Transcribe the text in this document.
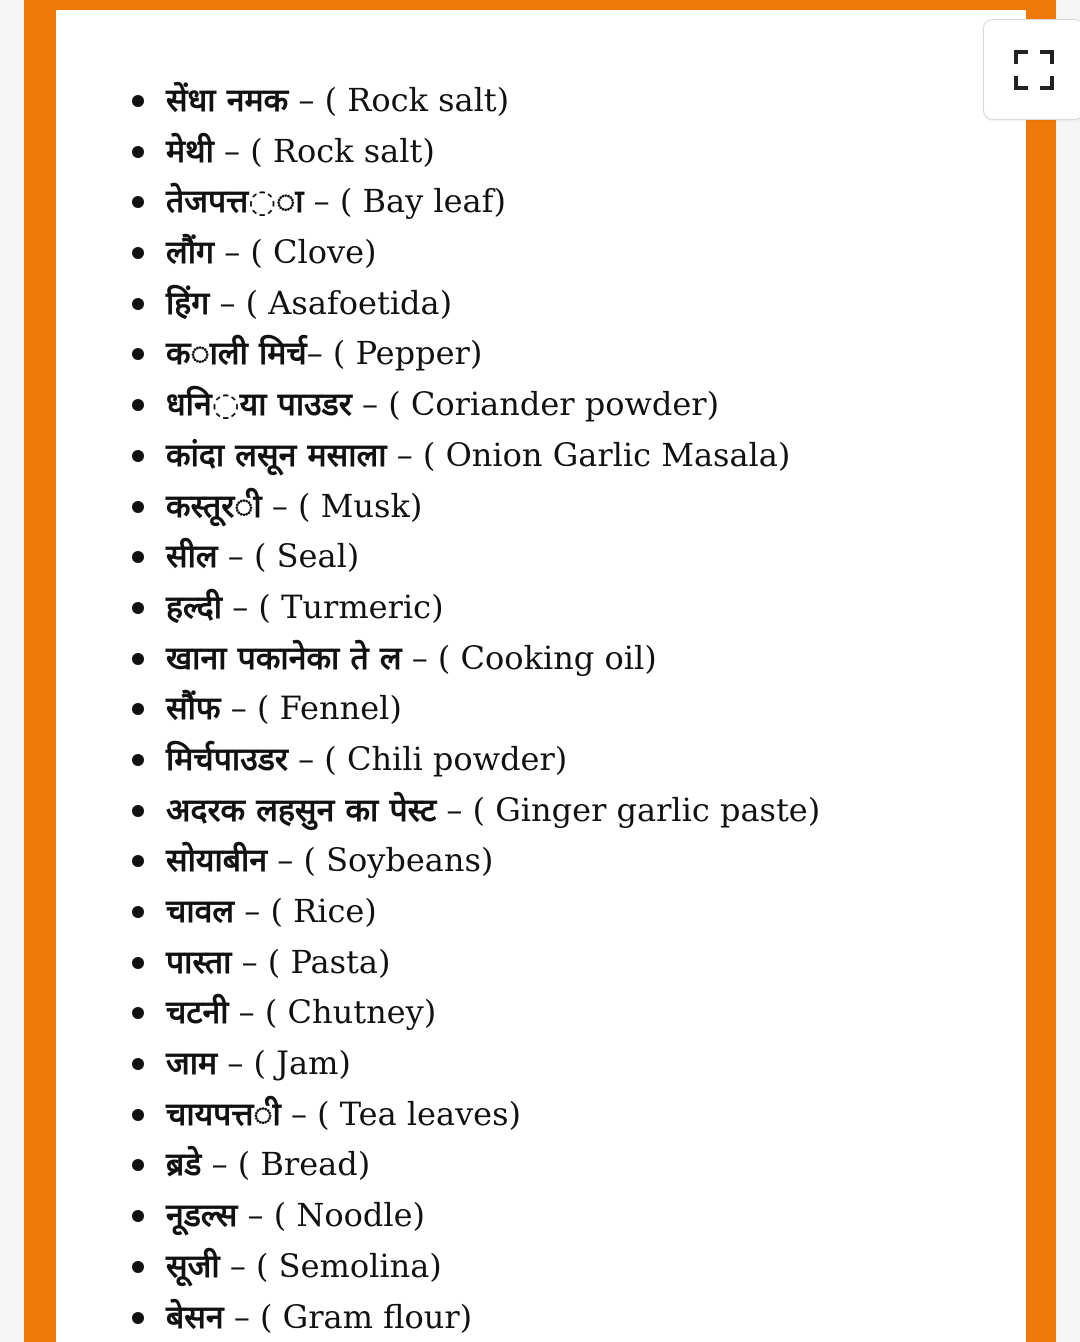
सेंधा नमक – ( Rock salt)
मेथी – ( Rock salt)
तेजपत्त◌◌ा – ( Bay leaf)
लौंग – ( Clove)
हिंग – ( Asafoetida)
क◌ाली मिर्च– ( Pepper)
धनि◌या पाउडर – ( Coriander powder)
कांदा लसून मसाला – ( Onion Garlic Masala)
कस्तूर◌ी – ( Musk)
सील – ( Seal)
हल्दी – ( Turmeric)
खाना पकानेका ते ल – ( Cooking oil)
सौंफ – ( Fennel)
मिर्चपाउडर – ( Chili powder)
अदरक लहसुन का पेस्ट – ( Ginger garlic paste)
सोयाबीन – ( Soybeans)
चावल – ( Rice)
पास्ता – ( Pasta)
चटनी – ( Chutney)
जाम – ( Jam)
चायपत्त◌ी – ( Tea leaves)
ब्रडे – ( Bread)
नूडल्स – ( Noodle)
सूजी – ( Semolina)
बेसन – ( Gram flour)
